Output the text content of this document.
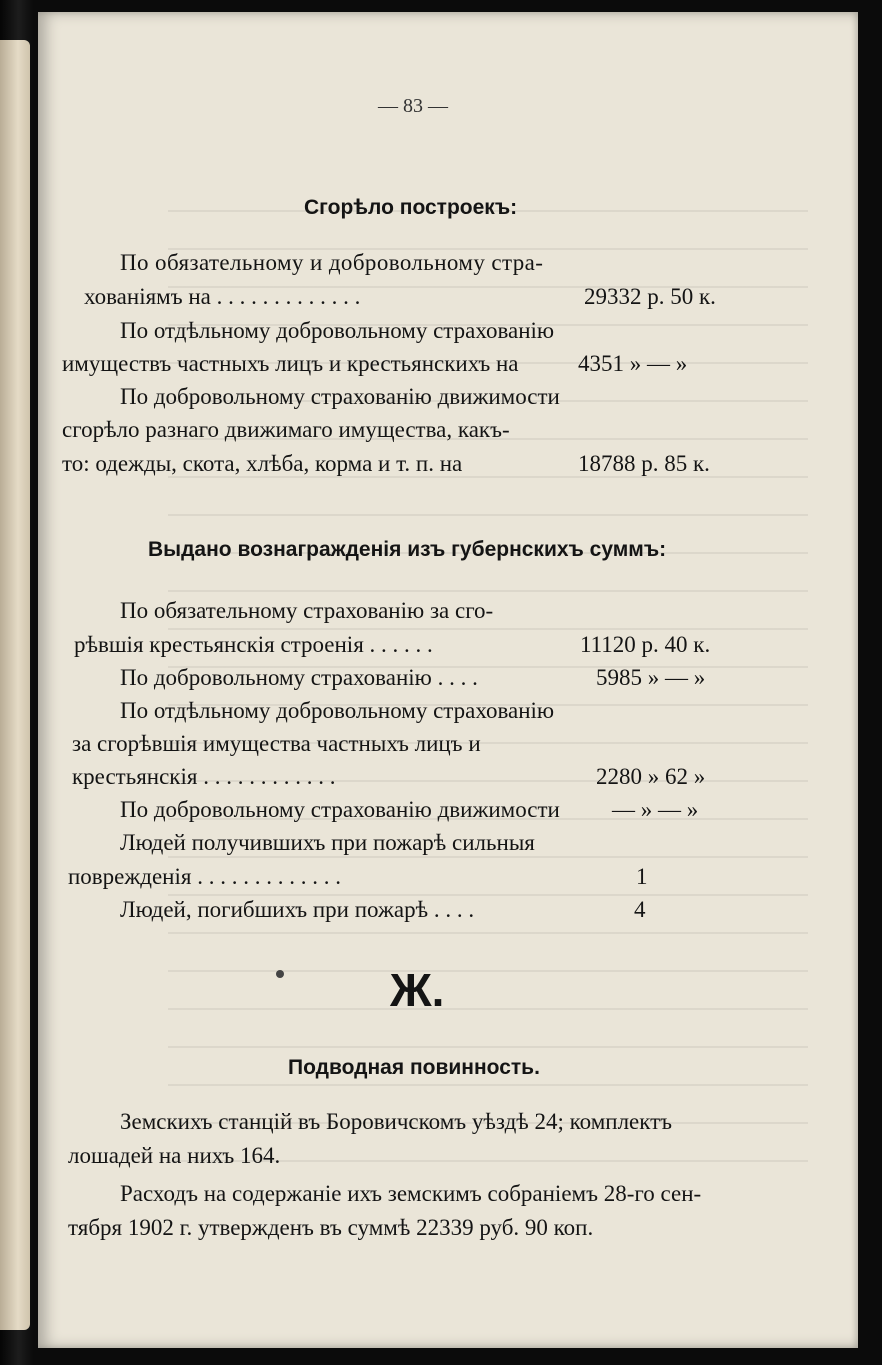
— 83 —
Сгорѣло построекъ:
По обязательному и добровольному стра-
хованіямъ на . . . . . . . . . . . . .	29332 р. 50 к.
По отдѣльному добровольному страхованію
имуществъ частныхъ лицъ и крестьянскихъ на	4351 » — »
По добровольному страхованію движимости
сгорѣло разнаго движимаго имущества, какъ-
то: одежды, скота, хлѣба, корма и т. п. на	18788 р. 85 к.
Выдано вознагражденія изъ губернскихъ суммъ:
По обязательному страхованію за сго-
рѣвшія крестьянскія строенія . . . . . .	11120 р. 40 к.
По добровольному страхованію . . . .	5985 » — »
По отдѣльному добровольному страхованію
за сгорѣвшія имущества частныхъ лицъ и
крестьянскія . . . . . . . . . . . .	2280 » 62 »
По добровольному страхованію движимости — » — »
Людей получившихъ при пожарѣ сильныя
поврежденія . . . . . . . . . . . . .	1
Людей, погибшихъ при пожарѣ . . . .	4
Ж.
Подводная повинность.
Земскихъ станцій въ Боровичскомъ уѣздѣ 24; комплектъ
лошадей на нихъ 164.
Расходъ на содержаніе ихъ земскимъ собраніемъ 28-го сен-
тября 1902 г. утвержденъ въ суммѣ 22339 руб. 90 коп.
